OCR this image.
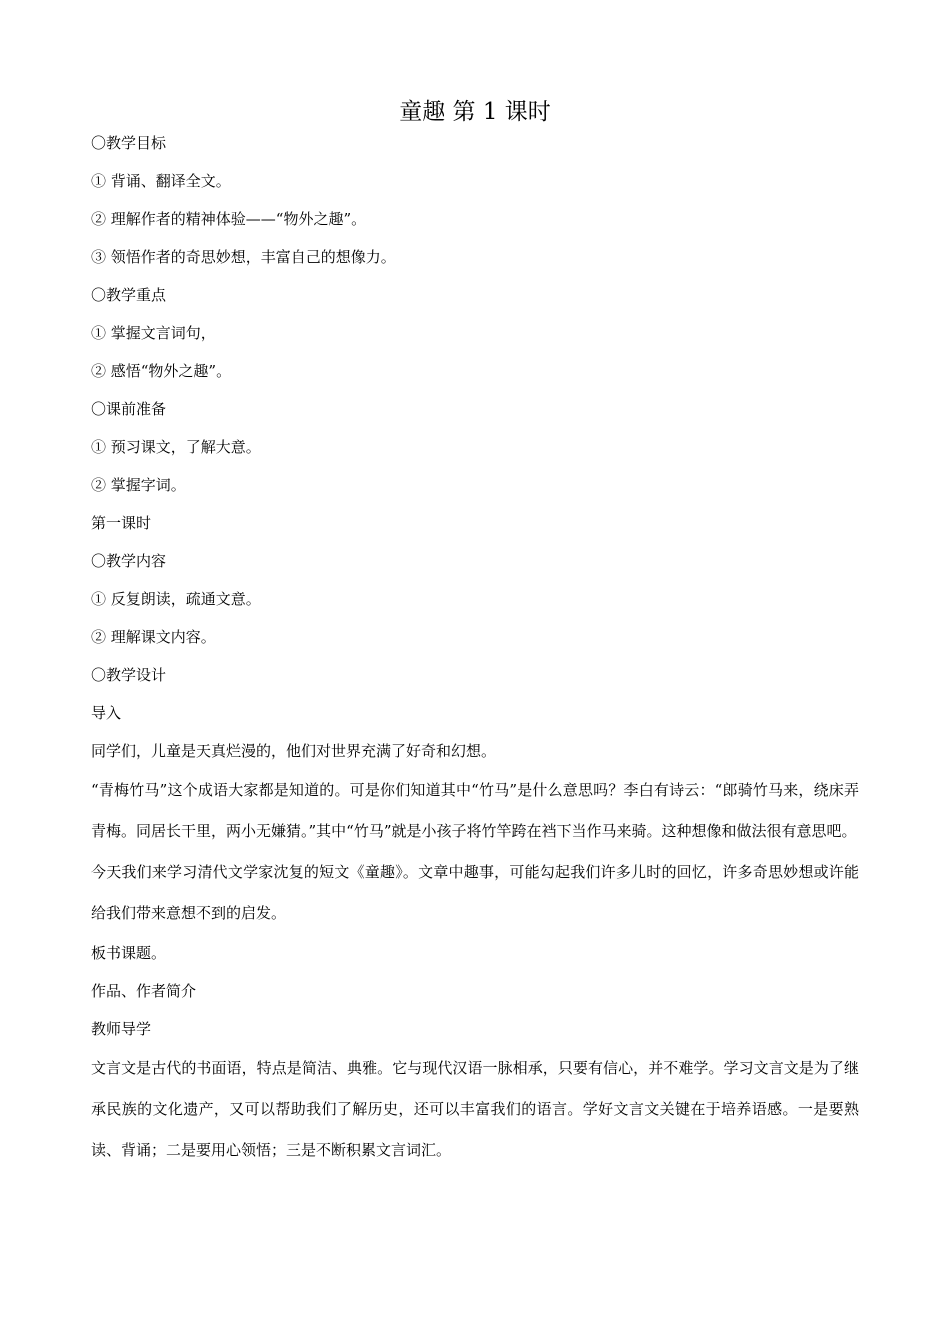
童趣 第 1 课时
〇教学目标
① 背诵、翻译全文。
② 理解作者的精神体验——“物外之趣”。
③ 领悟作者的奇思妙想，丰富自己的想像力。
〇教学重点
① 掌握文言词句，
② 感悟“物外之趣”。
〇课前准备
① 预习课文，了解大意。
② 掌握字词。
第一课时
〇教学内容
① 反复朗读，疏通文意。
② 理解课文内容。
〇教学设计
导入
同学们，儿童是天真烂漫的，他们对世界充满了好奇和幻想。
“青梅竹马”这个成语大家都是知道的。可是你们知道其中“竹马”是什么意思吗？李白有诗云：“郎骑竹马来，绕床弄青梅。同居长干里，两小无嫌猜。”其中“竹马”就是小孩子将竹竿跨在裆下当作马来骑。这种想像和做法很有意思吧。
今天我们来学习清代文学家沈复的短文《童趣》。文章中趣事，可能勾起我们许多儿时的回忆，许多奇思妙想或许能给我们带来意想不到的启发。
板书课题。
作品、作者简介
教师导学
文言文是古代的书面语，特点是简洁、典雅。它与现代汉语一脉相承，只要有信心，并不难学。学习文言文是为了继承民族的文化遗产，又可以帮助我们了解历史，还可以丰富我们的语言。学好文言文关键在于培养语感。一是要熟读、背诵；二是要用心领悟；三是不断积累文言词汇。
